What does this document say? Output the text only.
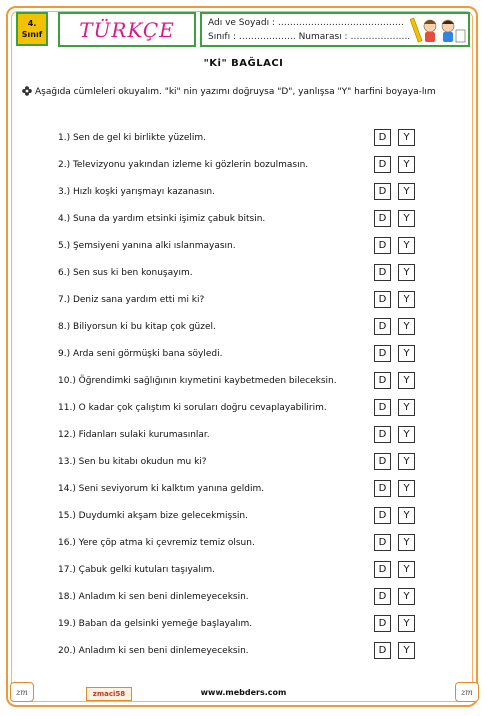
4.
Sınıf TÜRKÇE	Adı ve Soyadı : ……………………………………
Sınıfı : ………………. Numarası : ………………..
"Ki" BAĞLACI
Aşağıda cümleleri okuyalım. "ki" nin yazımı doğruysa "D", yanlışsa "Y" harfini boyaya-lım
1.) Sen de gel ki birlikte yüzelim.	D	Y
2.) Televizyonu yakından izleme ki gözlerin bozulmasın.	D	Y
3.) Hızlı koşki yarışmayı kazanasın.	D	Y
4.) Suna da yardım etsinki işimiz çabuk bitsin.	D	Y
5.) Şemsiyeni yanına alki ıslanmayasın.	D	Y
6.) Sen sus ki ben konuşayım.	D	Y
7.) Deniz sana yardım etti mi ki?	D	Y
8.) Biliyorsun ki bu kitap çok güzel.	D	Y
9.) Arda seni görmüşki bana söyledi.	D	Y
10.) Öğrendimki sağlığının kıymetini kaybetmeden bileceksin.	D	Y
11.) O kadar çok çalıştım ki soruları doğru cevaplayabilirim.	D	Y
12.) Fidanları sulaki kurumasınlar.	D	Y
13.) Sen bu kitabı okudun mu ki?	D	Y
14.) Seni seviyorum ki kalktım yanına geldim.	D	Y
15.) Duydumki akşam bize gelecekmişsin.	D	Y
16.) Yere çöp atma ki çevremiz temiz olsun.	D	Y
17.) Çabuk gelki kutuları taşıyalım.	D	Y
18.) Anladım ki sen beni dinlemeyeceksin.	D	Y
19.) Baban da gelsinki yemeğe başlayalım.	D	Y
20.) Anladım ki sen beni dinlemeyeceksin.	D	Y
zm	zmaci58	www.mebders.com	zm
